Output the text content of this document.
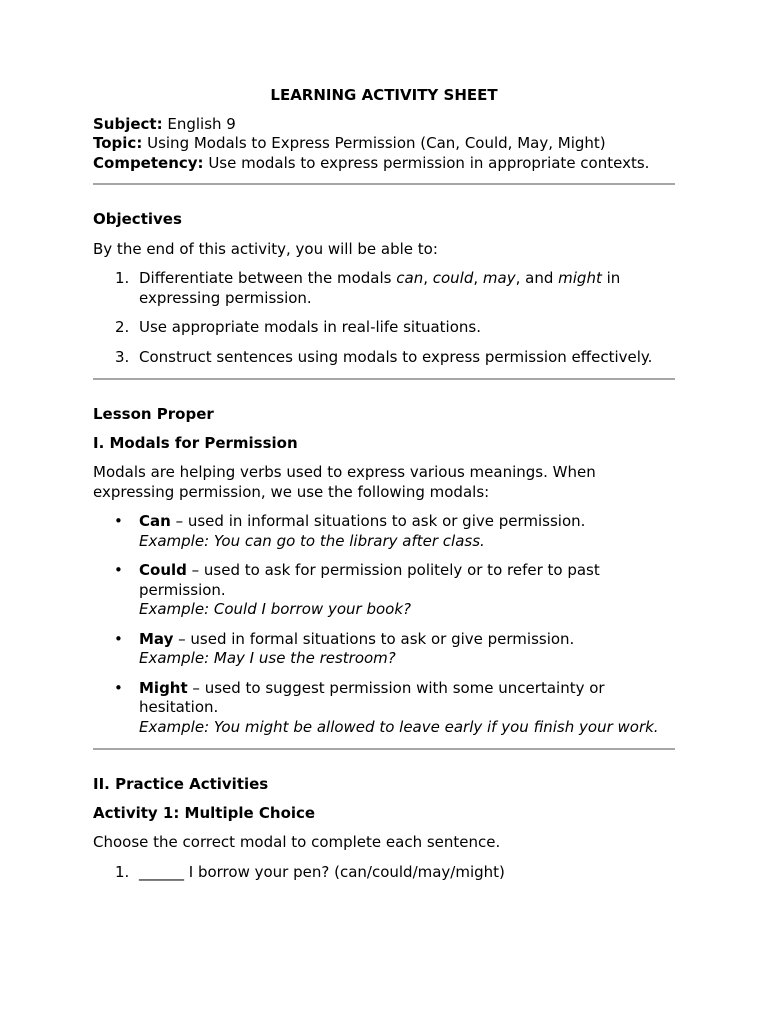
LEARNING ACTIVITY SHEET

Subject: English 9

Topic: Using Modals to Express Permission (Can, Could, May, Might)

Competency: Use modals to express permission in appropriate contexts.

Objectives

By the end of this activity, you will be able to:

1. Differentiate between the modals can, could, may, and might in expressing permission.
2. Use appropriate modals in real-life situations.
3. Construct sentences using modals to express permission effectively.
Lesson Proper
I. Modals for Permission

Modals are helping verbs used to express various meanings. When expressing permission, we use the following modals:

• Can – used in informal situations to ask or give permission.
Example: You can go to the library after class.
• Could – used to ask for permission politely or to refer to past permission.
Example: Could I borrow your book?
• May – used in formal situations to ask or give permission.
Example: May I use the restroom?
• Might – used to suggest permission with some uncertainty or hesitation.
Example: You might be allowed to leave early if you finish your work.
II. Practice Activities
Activity 1: Multiple Choice

Choose the correct modal to complete each sentence.

1. ______ I borrow your pen? (can/could/may/might)
